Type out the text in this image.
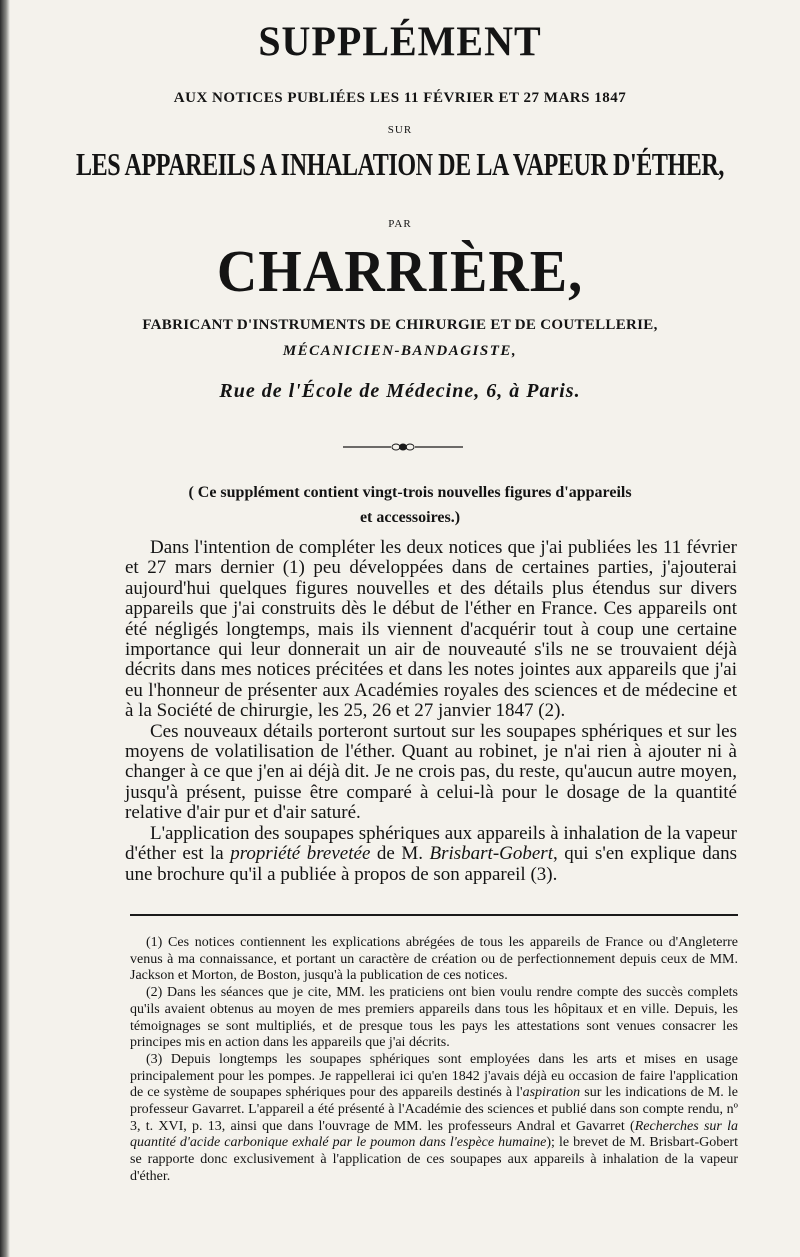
SUPPLÉMENT
AUX NOTICES PUBLIÉES LES 11 FÉVRIER ET 27 MARS 1847
SUR
LES APPAREILS A INHALATION DE LA VAPEUR D'ÉTHER,
PAR
CHARRIÈRE,
FABRICANT D'INSTRUMENTS DE CHIRURGIE ET DE COUTELLERIE,
MÉCANICIEN-BANDAGISTE,
Rue de l'École de Médecine, 6, à Paris.
( Ce supplément contient vingt-trois nouvelles figures d'appareils
et accessoires.)

Dans l'intention de compléter les deux notices que j'ai publiées les 11 février et 27 mars dernier (1) peu développées dans de certaines parties, j'ajouterai aujourd'hui quelques figures nouvelles et des détails plus étendus sur divers appareils que j'ai construits dès le début de l'éther en France. Ces appareils ont été négligés longtemps, mais ils viennent d'acquérir tout à coup une certaine importance qui leur donnerait un air de nouveauté s'ils ne se trouvaient déjà décrits dans mes notices précitées et dans les notes jointes aux appareils que j'ai eu l'honneur de présenter aux Académies royales des sciences et de médecine et à la Société de chirurgie, les 25, 26 et 27 janvier 1847 (2).

Ces nouveaux détails porteront surtout sur les soupapes sphériques et sur les moyens de volatilisation de l'éther. Quant au robinet, je n'ai rien à ajouter ni à changer à ce que j'en ai déjà dit. Je ne crois pas, du reste, qu'aucun autre moyen, jusqu'à présent, puisse être comparé à celui-là pour le dosage de la quantité relative d'air pur et d'air saturé.

L'application des soupapes sphériques aux appareils à inhalation de la vapeur d'éther est la propriété brevetée de M. Brisbart-Gobert, qui s'en explique dans une brochure qu'il a publiée à propos de son appareil (3).

(1) Ces notices contiennent les explications abrégées de tous les appareils de France ou d'Angleterre venus à ma connaissance, et portant un caractère de création ou de perfectionnement depuis ceux de MM. Jackson et Morton, de Boston, jusqu'à la publication de ces notices.

(2) Dans les séances que je cite, MM. les praticiens ont bien voulu rendre compte des succès complets qu'ils avaient obtenus au moyen de mes premiers appareils dans tous les hôpitaux et en ville. Depuis, les témoignages se sont multipliés, et de presque tous les pays les attestations sont venues consacrer les principes mis en action dans les appareils que j'ai décrits.

(3) Depuis longtemps les soupapes sphériques sont employées dans les arts et mises en usage principalement pour les pompes. Je rappellerai ici qu'en 1842 j'avais déjà eu occasion de faire l'application de ce système de soupapes sphériques pour des appareils destinés à l'aspiration sur les indications de M. le professeur Gavarret. L'appareil a été présenté à l'Académie des sciences et publié dans son compte rendu, nº 3, t. XVI, p. 13, ainsi que dans l'ouvrage de MM. les professeurs Andral et Gavarret (Recherches sur la quantité d'acide carbonique exhalé par le poumon dans l'espèce humaine); le brevet de M. Brisbart-Gobert se rapporte donc exclusivement à l'application de ces soupapes aux appareils à inhalation de la vapeur d'éther.
